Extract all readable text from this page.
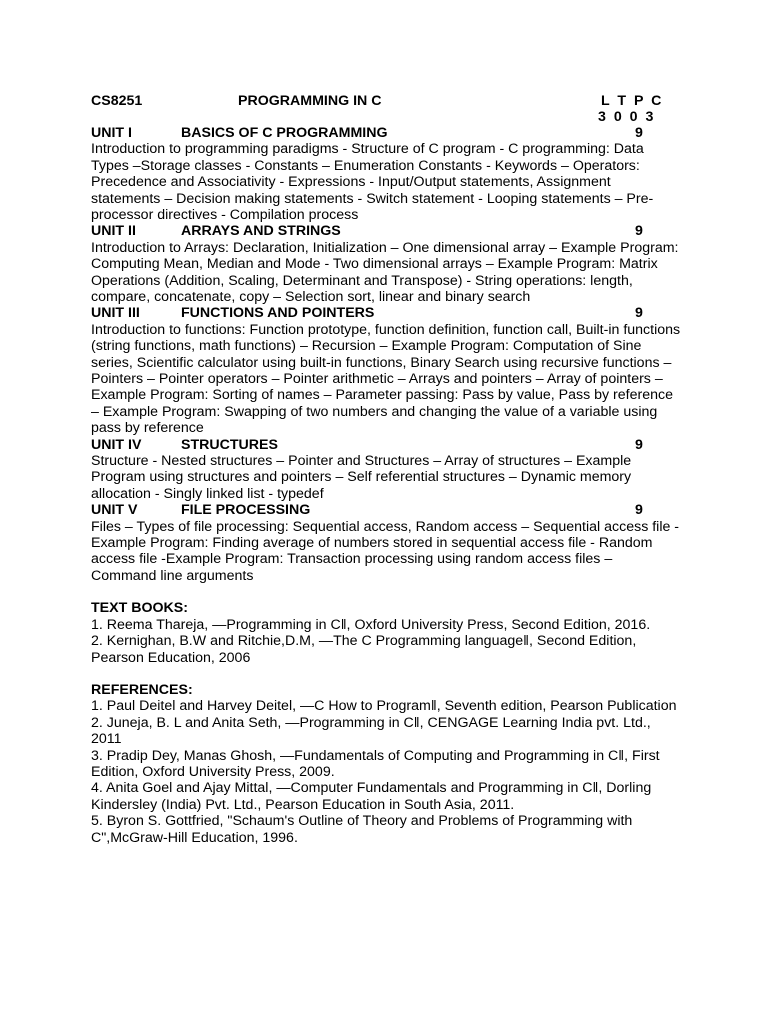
CS8251	PROGRAMMING IN C	L T P C
3 0 0 3
UNIT I	BASICS OF C PROGRAMMING	9
Introduction to programming paradigms - Structure of C program - C programming: Data Types –Storage classes - Constants – Enumeration Constants - Keywords – Operators: Precedence and Associativity - Expressions - Input/Output statements, Assignment statements – Decision making statements - Switch statement - Looping statements – Pre-processor directives - Compilation process
UNIT II	ARRAYS AND STRINGS	9
Introduction to Arrays: Declaration, Initialization – One dimensional array – Example Program: Computing Mean, Median and Mode - Two dimensional arrays – Example Program: Matrix Operations (Addition, Scaling, Determinant and Transpose) - String operations: length, compare, concatenate, copy – Selection sort, linear and binary search
UNIT III	FUNCTIONS AND POINTERS	9
Introduction to functions: Function prototype, function definition, function call, Built-in functions (string functions, math functions) – Recursion – Example Program: Computation of Sine series, Scientific calculator using built-in functions, Binary Search using recursive functions – Pointers – Pointer operators – Pointer arithmetic – Arrays and pointers – Array of pointers – Example Program: Sorting of names – Parameter passing: Pass by value, Pass by reference – Example Program: Swapping of two numbers and changing the value of a variable using pass by reference
UNIT IV	STRUCTURES	9
Structure - Nested structures – Pointer and Structures – Array of structures – Example Program using structures and pointers – Self referential structures – Dynamic memory allocation - Singly linked list - typedef
UNIT V	FILE PROCESSING	9
Files – Types of file processing: Sequential access, Random access – Sequential access file - Example Program: Finding average of numbers stored in sequential access file - Random access file -Example Program: Transaction processing using random access files – Command line arguments
TEXT BOOKS:
1. Reema Thareja, ―Programming in C‖, Oxford University Press, Second Edition, 2016.
2. Kernighan, B.W and Ritchie,D.M, ―The C Programming language‖, Second Edition, Pearson Education, 2006
REFERENCES:
1. Paul Deitel and Harvey Deitel, ―C How to Program‖, Seventh edition, Pearson Publication
2. Juneja, B. L and Anita Seth, ―Programming in C‖, CENGAGE Learning India pvt. Ltd., 2011
3. Pradip Dey, Manas Ghosh, ―Fundamentals of Computing and Programming in C‖, First Edition, Oxford University Press, 2009.
4. Anita Goel and Ajay Mittal, ―Computer Fundamentals and Programming in C‖, Dorling Kindersley (India) Pvt. Ltd., Pearson Education in South Asia, 2011.
5. Byron S. Gottfried, "Schaum's Outline of Theory and Problems of Programming with C",McGraw-Hill Education, 1996.
